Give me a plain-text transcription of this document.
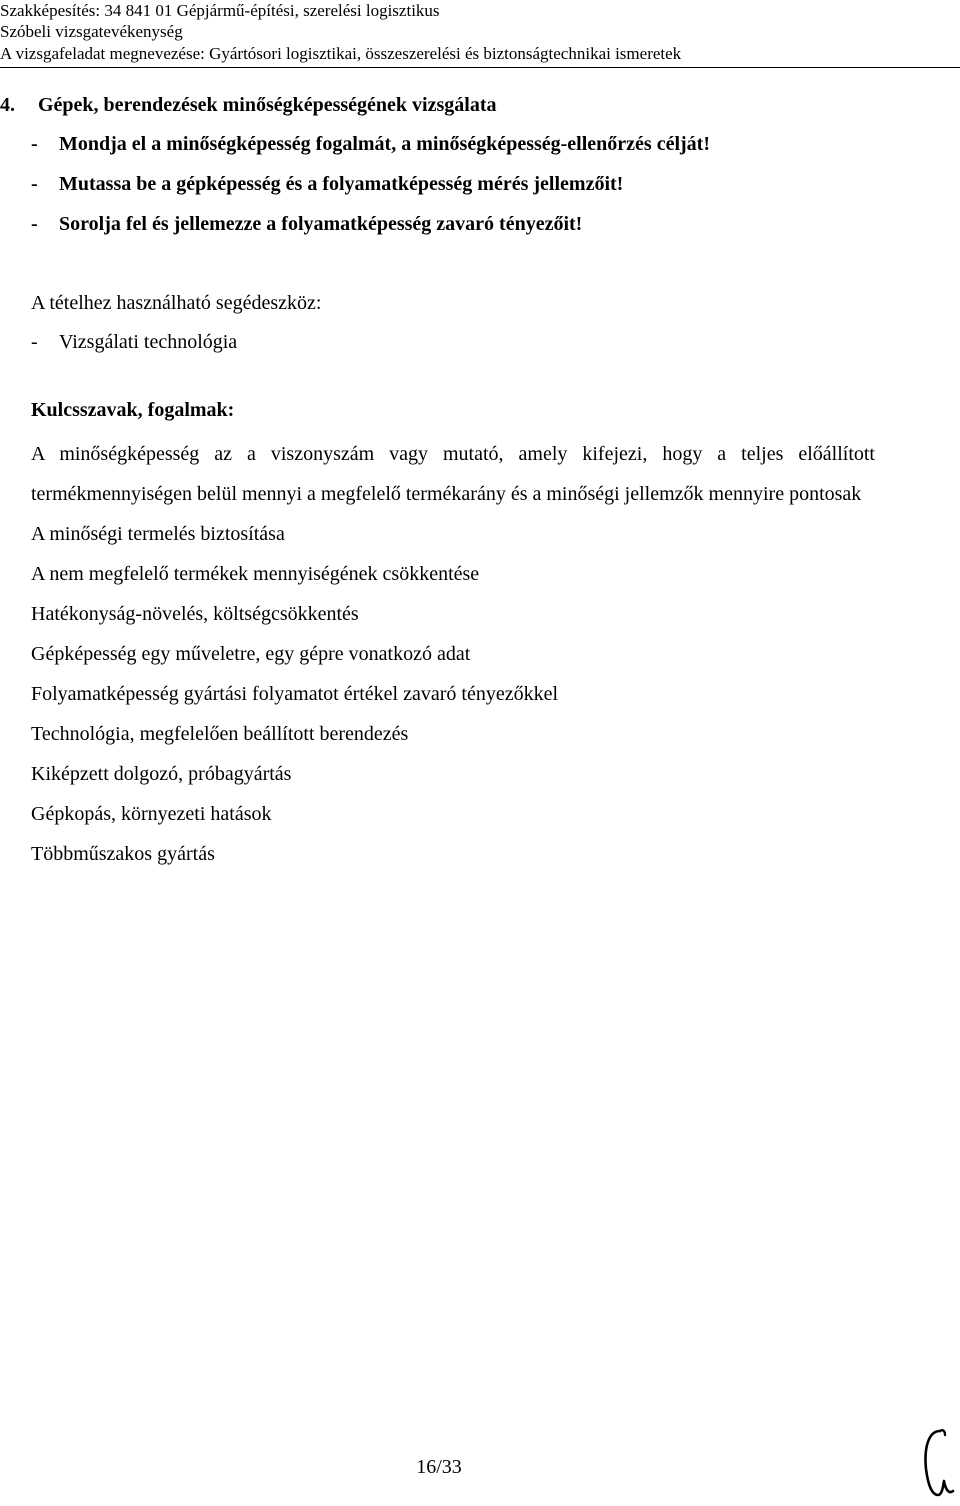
Szakképesítés: 34 841 01 Gépjármű-építési, szerelési logisztikus
Szóbeli vizsgatevékenység
A vizsgafeladat megnevezése: Gyártósori logisztikai, összeszerelési és biztonságtechnikai ismeretek
4. Gépek, berendezések minőségképességének vizsgálata
- Mondja el a minőségképesség fogalmát, a minőségképesség-ellenőrzés célját!
- Mutassa be a gépképesség és a folyamatképesség mérés jellemzőit!
- Sorolja fel és jellemezze a folyamatképesség zavaró tényezőit!
A tételhez használható segédeszköz:
- Vizsgálati technológia
Kulcsszavak, fogalmak:
A minőségképesség az a viszonyszám vagy mutató, amely kifejezi, hogy a teljes előállított termékmennyiségen belül mennyi a megfelelő termékarány és a minőségi jellemzők mennyire pontosak
A minőségi termelés biztosítása
A nem megfelelő termékek mennyiségének csökkentése
Hatékonyság-növelés, költségcsökkentés
Gépképesség egy műveletre, egy gépre vonatkozó adat
Folyamatképesség gyártási folyamatot értékel zavaró tényezőkkel
Technológia, megfelelően beállított berendezés
Kiképzett dolgozó, próbagyártás
Gépkopás, környezeti hatások
Többműszakos gyártás
16/33
